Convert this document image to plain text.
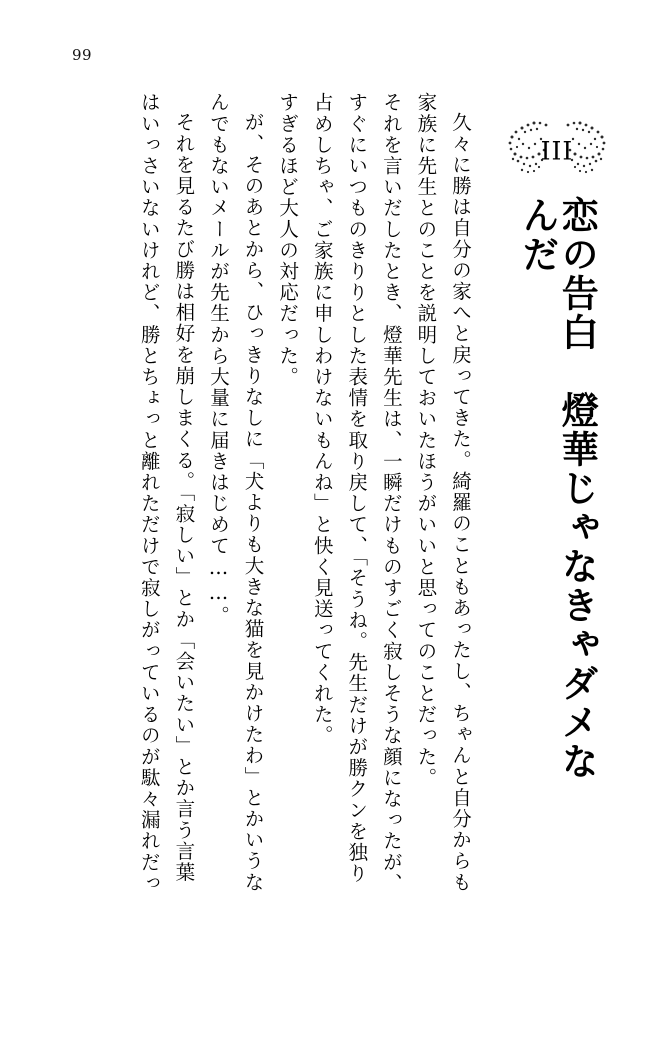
99
III
恋の告白　燈華じゃなきゃダメなんだ
久々に勝は自分の家へと戻ってきた。綺羅のこともあったし、ちゃんと自分からも
家族に先生とのことを説明しておいたほうがいいと思ってのことだった。
それを言いだしたとき、燈華先生は、一瞬だけものすごく寂しそうな顔になったが、
すぐにいつものきりりとした表情を取り戻して、「そうね。先生だけが勝クンを独り
占めしちゃ、ご家族に申しわけないもんね」と快く見送ってくれた。
すぎるほど大人の対応だった。
が、そのあとから、ひっきりなしに「犬よりも大きな猫を見かけたわ」とかいうな
んでもないメールが先生から大量に届きはじめて……。
それを見るたび勝は相好を崩しまくる。「寂しい」とか「会いたい」とか言う言葉
はいっさいないけれど、勝とちょっと離れただけで寂しがっているのが駄々漏れだっ
